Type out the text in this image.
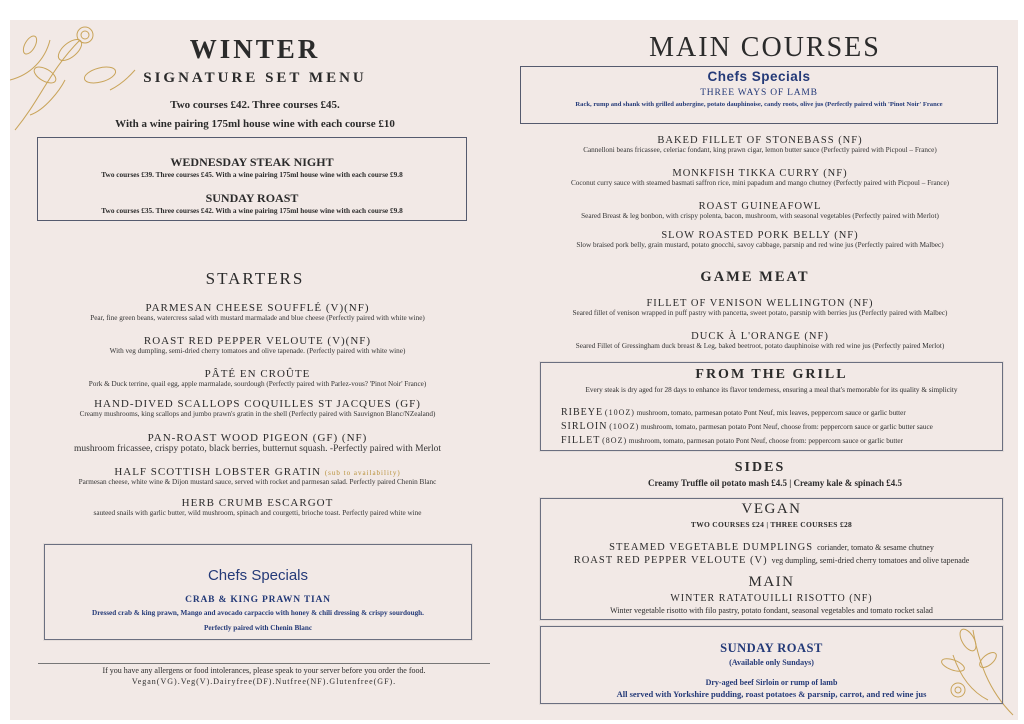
WINTER
SIGNATURE SET MENU
Two courses £42. Three courses £45.
With a wine pairing 175ml house wine with each course £10
WEDNESDAY STEAK NIGHT
Two courses £39. Three courses £45. With a wine pairing 175ml house wine with each course £9.8
SUNDAY ROAST
Two courses £35. Three courses £42. With a wine pairing 175ml house wine with each course £9.8
STARTERS
PARMESAN CHEESE SOUFFLÉ (V)(NF)
Pear, fine green beans, watercress salad with mustard marmalade and blue cheese (Perfectly paired with white wine)
ROAST RED PEPPER VELOUTE (V)(NF)
With veg dumpling, semi-dried cherry tomatoes and olive tapenade. (Perfectly paired with white wine)
PÂTÉ EN CROÛTE
Pork & Duck terrine, quail egg, apple marmalade, sourdough (Perfectly paired with Parlez-vous? 'Pinot Noir' France)
HAND-DIVED SCALLOPS COQUILLES ST JACQUES (GF)
Creamy mushrooms, king scallops and jumbo prawn's gratin in the shell (Perfectly paired with Sauvignon Blanc/NZealand)
PAN-ROAST WOOD PIGEON (GF) (NF)
mushroom fricassee, crispy potato, black berries, butternut squash. -Perfectly paired with Merlot
HALF SCOTTISH LOBSTER GRATIN (sub to availability)
Parmesan cheese, white wine & Dijon mustard sauce, served with rocket and parmesan salad. Perfectly paired Chenin Blanc
HERB CRUMB ESCARGOT
sauteed snails with garlic butter, wild mushroom, spinach and courgetti, brioche toast. Perfectly paired white wine
Chefs Specials
CRAB & KING PRAWN TIAN
Dressed crab & king prawn, Mango and avocado carpaccio with honey & chili dressing & crispy sourdough.
Perfectly paired with Chenin Blanc
If you have any allergens or food intolerances, please speak to your server before you order the food.
Vegan(VG).Veg(V).Dairyfree(DF).Nutfree(NF).Glutenfree(GF).
MAIN COURSES
Chefs Specials
THREE WAYS OF LAMB
Rack, rump and shank with grilled aubergine, potato dauphinoise, candy roots, olive jus (Perfectly paired with 'Pinot Noir' France
BAKED FILLET OF STONEBASS (NF)
Cannelloni beans fricassee, celeriac fondant, king prawn cigar, lemon butter sauce (Perfectly paired with Picpoul – France)
MONKFISH TIKKA CURRY (NF)
Coconut curry sauce with steamed basmati saffron rice, mini papadum and mango chutney (Perfectly paired with Picpoul – France)
ROAST GUINEAFOWL
Seared Breast & leg bonbon, with crispy polenta, bacon, mushroom, with seasonal vegetables (Perfectly paired with Merlot)
SLOW ROASTED PORK BELLY (NF)
Slow braised pork belly, grain mustard, potato gnocchi, savoy cabbage, parsnip and red wine jus (Perfectly paired with Malbec)
GAME MEAT
FILLET OF VENISON WELLINGTON (NF)
Seared fillet of venison wrapped in puff pastry with pancetta, sweet potato, parsnip with berries jus (Perfectly paired with Malbec)
DUCK À L'ORANGE (NF)
Seared Fillet of Gressingham duck breast & Leg, baked beetroot, potato dauphinoise with red wine jus (Perfectly paired Merlot)
FROM THE GRILL
Every steak is dry aged for 28 days to enhance its flavor tenderness, ensuring a meal that's memorable for its quality & simplicity
RIBEYE (10OZ) mushroom, tomato, parmesan potato Pont Neuf, mix leaves, peppercorn sauce or garlic butter
SIRLOIN (10OZ) mushroom, tomato, parmesan potato Pont Neuf, choose from: peppercorn sauce or garlic butter sauce
FILLET (8OZ) mushroom, tomato, parmesan potato Pont Neuf, choose from: peppercorn sauce or garlic butter
SIDES
Creamy Truffle oil potato mash £4.5 | Creamy kale & spinach £4.5
VEGAN
TWO COURSES £24 | THREE COURSES £28
STEAMED VEGETABLE DUMPLINGS coriander, tomato & sesame chutney
ROAST RED PEPPER VELOUTE (V) veg dumpling, semi-dried cherry tomatoes and olive tapenade
MAIN
WINTER RATATOUILLI RISOTTO (NF)
Winter vegetable risotto with filo pastry, potato fondant, seasonal vegetables and tomato rocket salad
SUNDAY ROAST
(Available only Sundays)
Dry-aged beef Sirloin or rump of lamb
All served with Yorkshire pudding, roast potatoes & parsnip, carrot, and red wine jus
